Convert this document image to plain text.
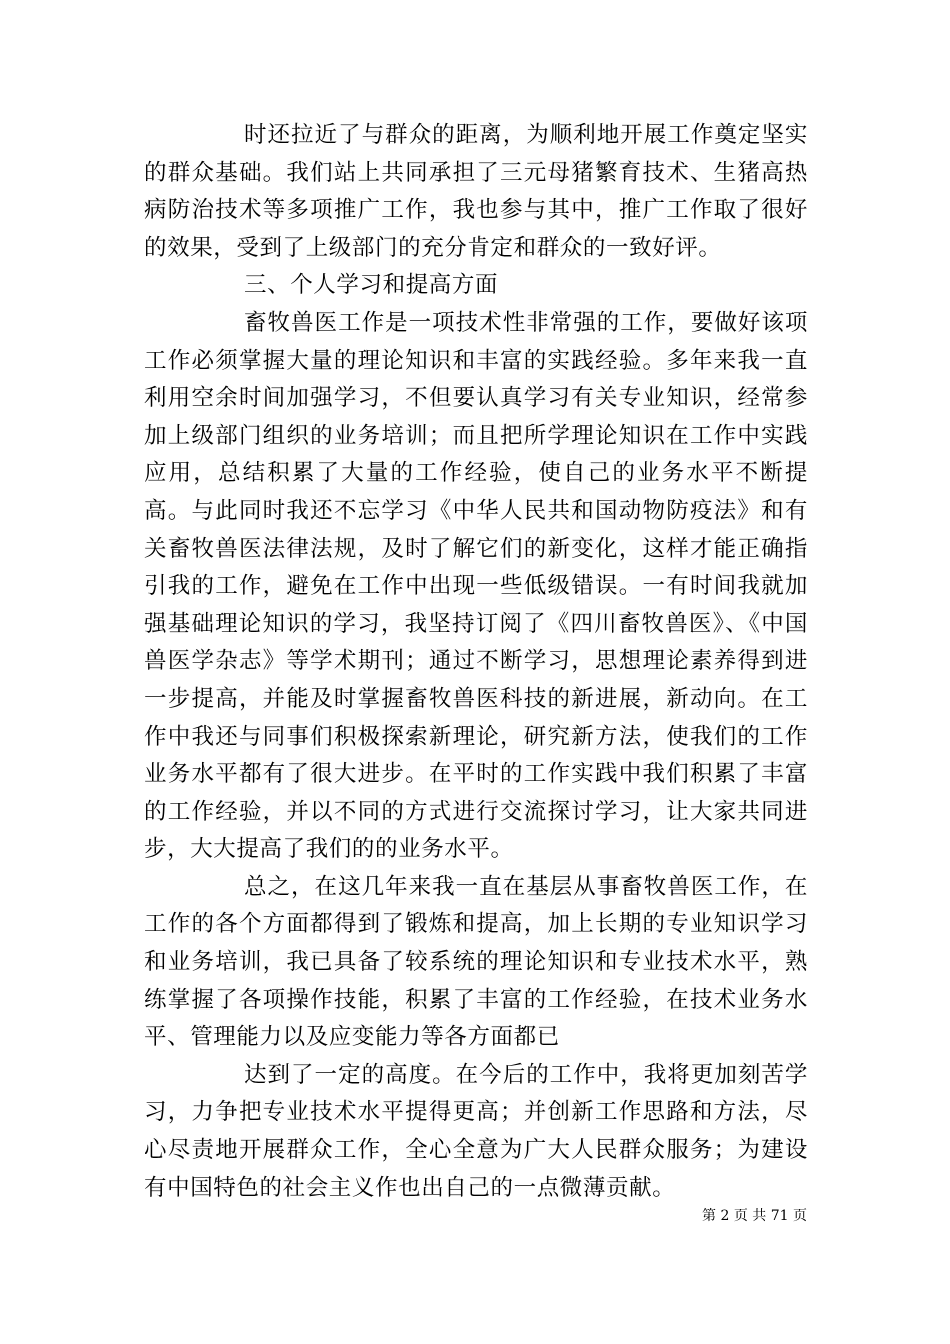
时还拉近了与群众的距离，为顺利地开展工作奠定坚实的群众基础。我们站上共同承担了三元母猪繁育技术、生猪高热病防治技术等多项推广工作，我也参与其中，推广工作取了很好的效果，受到了上级部门的充分肯定和群众的一致好评。

三、个人学习和提高方面

畜牧兽医工作是一项技术性非常强的工作，要做好该项工作必须掌握大量的理论知识和丰富的实践经验。多年来我一直利用空余时间加强学习，不但要认真学习有关专业知识，经常参加上级部门组织的业务培训；而且把所学理论知识在工作中实践应用，总结积累了大量的工作经验，使自己的业务水平不断提高。与此同时我还不忘学习《中华人民共和国动物防疫法》和有关畜牧兽医法律法规，及时了解它们的新变化，这样才能正确指引我的工作，避免在工作中出现一些低级错误。一有时间我就加强基础理论知识的学习，我坚持订阅了《四川畜牧兽医》、《中国兽医学杂志》等学术期刊；通过不断学习，思想理论素养得到进一步提高，并能及时掌握畜牧兽医科技的新进展，新动向。在工作中我还与同事们积极探索新理论，研究新方法，使我们的工作业务水平都有了很大进步。在平时的工作实践中我们积累了丰富的工作经验，并以不同的方式进行交流探讨学习，让大家共同进步，大大提高了我们的的业务水平。

总之，在这几年来我一直在基层从事畜牧兽医工作，在工作的各个方面都得到了锻炼和提高，加上长期的专业知识学习和业务培训，我已具备了较系统的理论知识和专业技术水平，熟练掌握了各项操作技能，积累了丰富的工作经验，在技术业务水平、管理能力以及应变能力等各方面都已

达到了一定的高度。在今后的工作中，我将更加刻苦学习，力争把专业技术水平提得更高；并创新工作思路和方法，尽心尽责地开展群众工作，全心全意为广大人民群众服务；为建设有中国特色的社会主义作也出自己的一点微薄贡献。

第 2 页 共 71 页
